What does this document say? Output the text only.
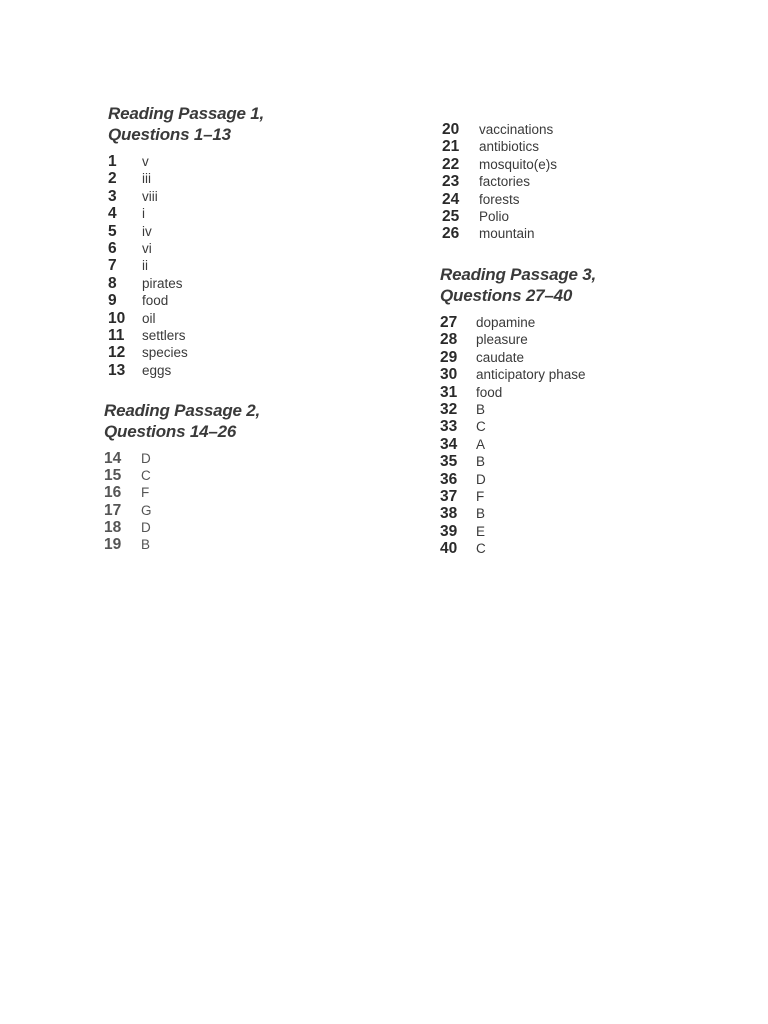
Reading Passage 1,
Questions 1–13
1	v
2	iii
3	viii
4	i
5	iv
6	vi
7	ii
8	pirates
9	food
10	oil
11	settlers
12	species
13	eggs
Reading Passage 2,
Questions 14–26
14	D
15	C
16	F
17	G
18	D
19	B
20	vaccinations
21	antibiotics
22	mosquito(e)s
23	factories
24	forests
25	Polio
26	mountain
Reading Passage 3,
Questions 27–40
27	dopamine
28	pleasure
29	caudate
30	anticipatory phase
31	food
32	B
33	C
34	A
35	B
36	D
37	F
38	B
39	E
40	C
